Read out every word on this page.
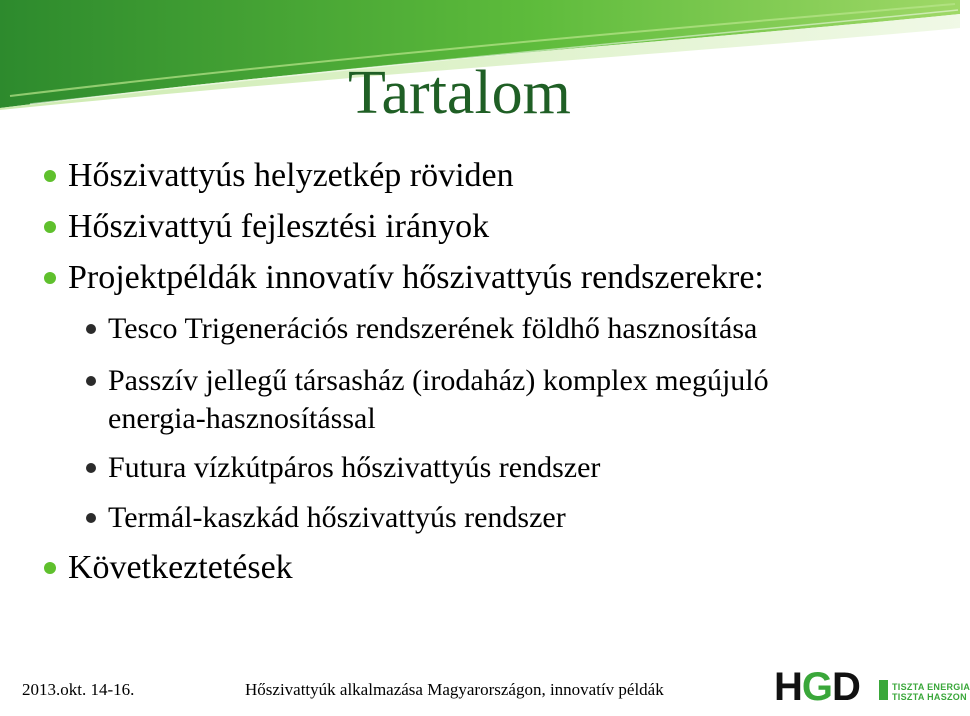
Tartalom
Hőszivattyús helyzetkép röviden
Hőszivattyú fejlesztési irányok
Projektpéldák innovatív hőszivattyús rendszerekre:
Tesco Trigenerációs rendszerének földhő hasznosítása
Passzív jellegű társasház (irodaház) komplex megújuló
energia-hasznosítással
Futura vízkútpáros hőszivattyús rendszer
Termál-kaszkád hőszivattyús rendszer
Következtetések
2013.okt. 14-16.	Hőszivattyúk alkalmazása Magyarországon, innovatív példák	HGD	TISZTA ENERGIA
TISZTA HASZON
